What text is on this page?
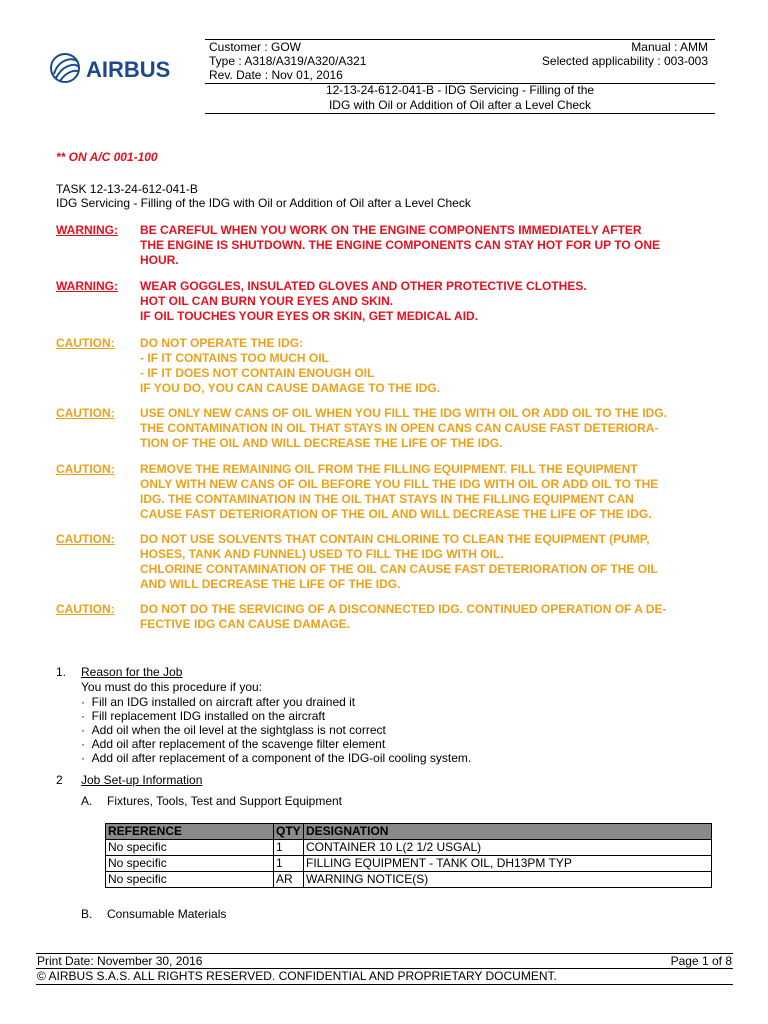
AIRBUS
Customer : GOW	Manual : AMM
Type : A318/A319/A320/A321	Selected applicability : 003-003
Rev. Date : Nov 01, 2016
12-13-24-612-041-B - IDG Servicing - Filling of the
IDG with Oil or Addition of Oil after a Level Check
** ON A/C 001-100
TASK 12-13-24-612-041-B
IDG Servicing - Filling of the IDG with Oil or Addition of Oil after a Level Check
WARNING: BE CAREFUL WHEN YOU WORK ON THE ENGINE COMPONENTS IMMEDIATELY AFTER
THE ENGINE IS SHUTDOWN. THE ENGINE COMPONENTS CAN STAY HOT FOR UP TO ONE
HOUR.
WARNING: WEAR GOGGLES, INSULATED GLOVES AND OTHER PROTECTIVE CLOTHES.
HOT OIL CAN BURN YOUR EYES AND SKIN.
IF OIL TOUCHES YOUR EYES OR SKIN, GET MEDICAL AID.
CAUTION: DO NOT OPERATE THE IDG:
- IF IT CONTAINS TOO MUCH OIL
- IF IT DOES NOT CONTAIN ENOUGH OIL
IF YOU DO, YOU CAN CAUSE DAMAGE TO THE IDG.
CAUTION: USE ONLY NEW CANS OF OIL WHEN YOU FILL THE IDG WITH OIL OR ADD OIL TO THE IDG.
THE CONTAMINATION IN OIL THAT STAYS IN OPEN CANS CAN CAUSE FAST DETERIORA-
TION OF THE OIL AND WILL DECREASE THE LIFE OF THE IDG.
CAUTION: REMOVE THE REMAINING OIL FROM THE FILLING EQUIPMENT. FILL THE EQUIPMENT
ONLY WITH NEW CANS OF OIL BEFORE YOU FILL THE IDG WITH OIL OR ADD OIL TO THE
IDG. THE CONTAMINATION IN THE OIL THAT STAYS IN THE FILLING EQUIPMENT CAN
CAUSE FAST DETERIORATION OF THE OIL AND WILL DECREASE THE LIFE OF THE IDG.
CAUTION: DO NOT USE SOLVENTS THAT CONTAIN CHLORINE TO CLEAN THE EQUIPMENT (PUMP,
HOSES, TANK AND FUNNEL) USED TO FILL THE IDG WITH OIL.
CHLORINE CONTAMINATION OF THE OIL CAN CAUSE FAST DETERIORATION OF THE OIL
AND WILL DECREASE THE LIFE OF THE IDG.
CAUTION: DO NOT DO THE SERVICING OF A DISCONNECTED IDG. CONTINUED OPERATION OF A DE-
FECTIVE IDG CAN CAUSE DAMAGE.
1. Reason for the Job
You must do this procedure if you:
· Fill an IDG installed on aircraft after you drained it
· Fill replacement IDG installed on the aircraft
· Add oil when the oil level at the sightglass is not correct
· Add oil after replacement of the scavenge filter element
· Add oil after replacement of a component of the IDG-oil cooling system.
2 Job Set-up Information
A. Fixtures, Tools, Test and Support Equipment
REFERENCE	QTY	DESIGNATION
No specific	1	CONTAINER 10 L(2 1/2 USGAL)
No specific	1	FILLING EQUIPMENT - TANK OIL, DH13PM TYP
No specific	AR	WARNING NOTICE(S)
B. Consumable Materials
Print Date: November 30, 2016	Page 1 of 8
© AIRBUS S.A.S. ALL RIGHTS RESERVED. CONFIDENTIAL AND PROPRIETARY DOCUMENT.
